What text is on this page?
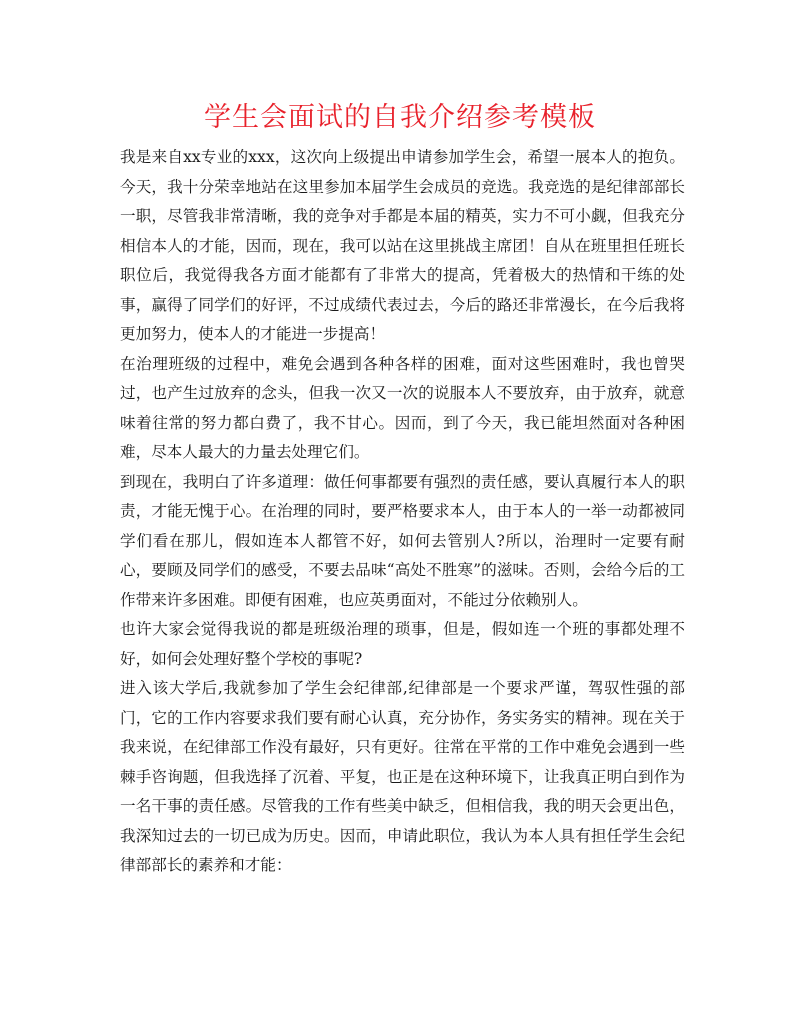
学生会面试的自我介绍参考模板

我是来自xx专业的xxx，这次向上级提出申请参加学生会，希望一展本人的抱负。今天，我十分荣幸地站在这里参加本届学生会成员的竞选。我竞选的是纪律部部长一职，尽管我非常清晰，我的竞争对手都是本届的精英，实力不可小觑，但我充分相信本人的才能，因而，现在，我可以站在这里挑战主席团！自从在班里担任班长职位后，我觉得我各方面才能都有了非常大的提高，凭着极大的热情和干练的处事，赢得了同学们的好评，不过成绩代表过去，今后的路还非常漫长，在今后我将更加努力，使本人的才能进一步提高！

在治理班级的过程中，难免会遇到各种各样的困难，面对这些困难时，我也曾哭过，也产生过放弃的念头，但我一次又一次的说服本人不要放弃，由于放弃，就意味着往常的努力都白费了，我不甘心。因而，到了今天，我已能坦然面对各种困难，尽本人最大的力量去处理它们。

到现在，我明白了许多道理：做任何事都要有强烈的责任感，要认真履行本人的职责，才能无愧于心。在治理的同时，要严格要求本人，由于本人的一举一动都被同学们看在那儿，假如连本人都管不好，如何去管别人?所以，治理时一定要有耐心，要顾及同学们的感受，不要去品味“高处不胜寒”的滋味。否则，会给今后的工作带来许多困难。即便有困难，也应英勇面对，不能过分依赖别人。

也许大家会觉得我说的都是班级治理的琐事，但是，假如连一个班的事都处理不好，如何会处理好整个学校的事呢?

进入该大学后,我就参加了学生会纪律部,纪律部是一个要求严谨，驾驭性强的部门，它的工作内容要求我们要有耐心认真，充分协作，务实务实的精神。现在关于我来说，在纪律部工作没有最好，只有更好。往常在平常的工作中难免会遇到一些棘手咨询题，但我选择了沉着、平复，也正是在这种环境下，让我真正明白到作为一名干事的责任感。尽管我的工作有些美中缺乏，但相信我，我的明天会更出色，我深知过去的一切已成为历史。因而，申请此职位，我认为本人具有担任学生会纪律部部长的素养和才能：
